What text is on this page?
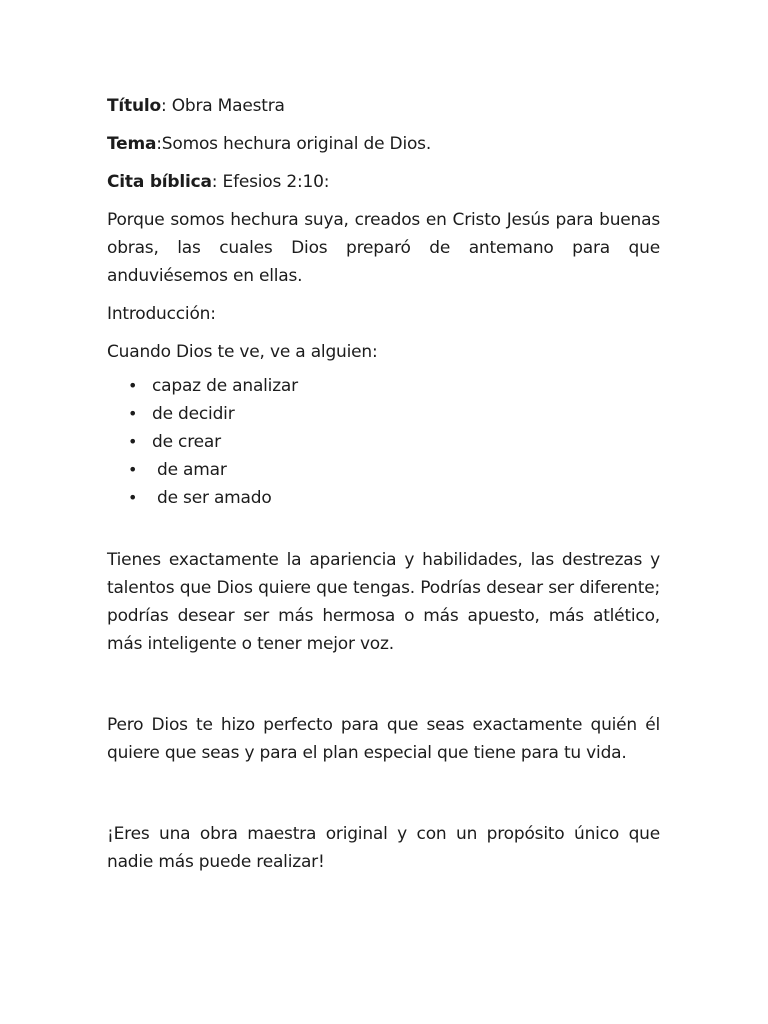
Título: Obra Maestra

Tema:Somos hechura original de Dios.

Cita bíblica: Efesios 2:10:

Porque somos hechura suya, creados en Cristo Jesús para buenas obras, las cuales Dios preparó de antemano para que anduviésemos en ellas.

Introducción:

Cuando Dios te ve, ve a alguien:

• capaz de analizar
• de decidir
• de crear
• de amar
• de ser amado

Tienes exactamente la apariencia y habilidades, las destrezas y talentos que Dios quiere que tengas. Podrías desear ser diferente; podrías desear ser más hermosa o más apuesto, más atlético, más inteligente o tener mejor voz.

Pero Dios te hizo perfecto para que seas exactamente quién él quiere que seas y para el plan especial que tiene para tu vida.

¡Eres una obra maestra original y con un propósito único que nadie más puede realizar!
